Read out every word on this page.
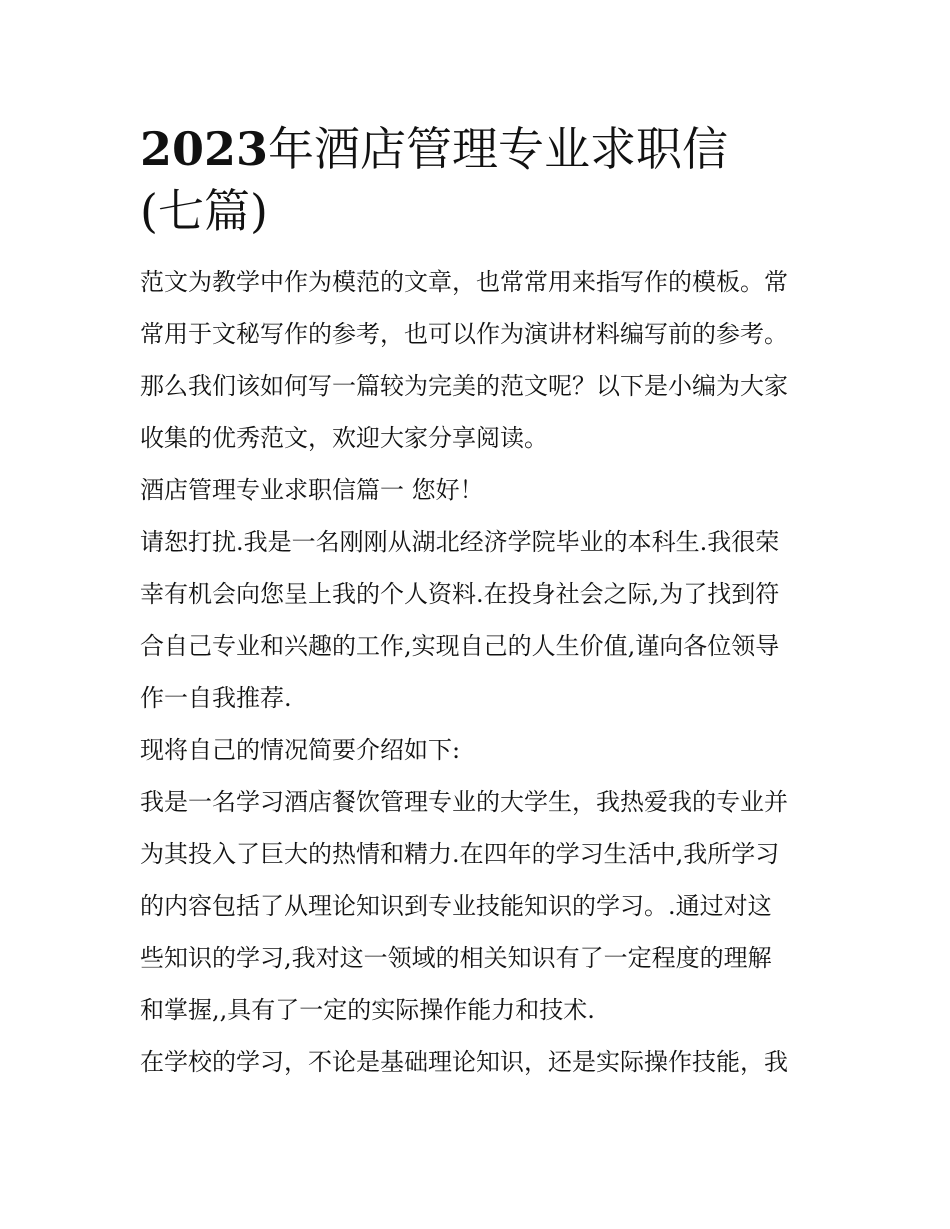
2023年酒店管理专业求职信
(七篇)

范文为教学中作为模范的文章，也常常用来指写作的模板。常
常用于文秘写作的参考，也可以作为演讲材料编写前的参考。
那么我们该如何写一篇较为完美的范文呢？以下是小编为大家
收集的优秀范文，欢迎大家分享阅读。

酒店管理专业求职信篇一 您好！

请恕打扰.我是一名刚刚从湖北经济学院毕业的本科生.我很荣
幸有机会向您呈上我的个人资料.在投身社会之际,为了找到符
合自己专业和兴趣的工作,实现自己的人生价值,谨向各位领导
作一自我推荐.

现将自己的情况简要介绍如下:

我是一名学习酒店餐饮管理专业的大学生，我热爱我的专业并
为其投入了巨大的热情和精力.在四年的学习生活中,我所学习
的内容包括了从理论知识到专业技能知识的学习。.通过对这
些知识的学习,我对这一领域的相关知识有了一定程度的理解
和掌握,,具有了一定的实际操作能力和技术.

在学校的学习，不论是基础理论知识，还是实际操作技能，我
